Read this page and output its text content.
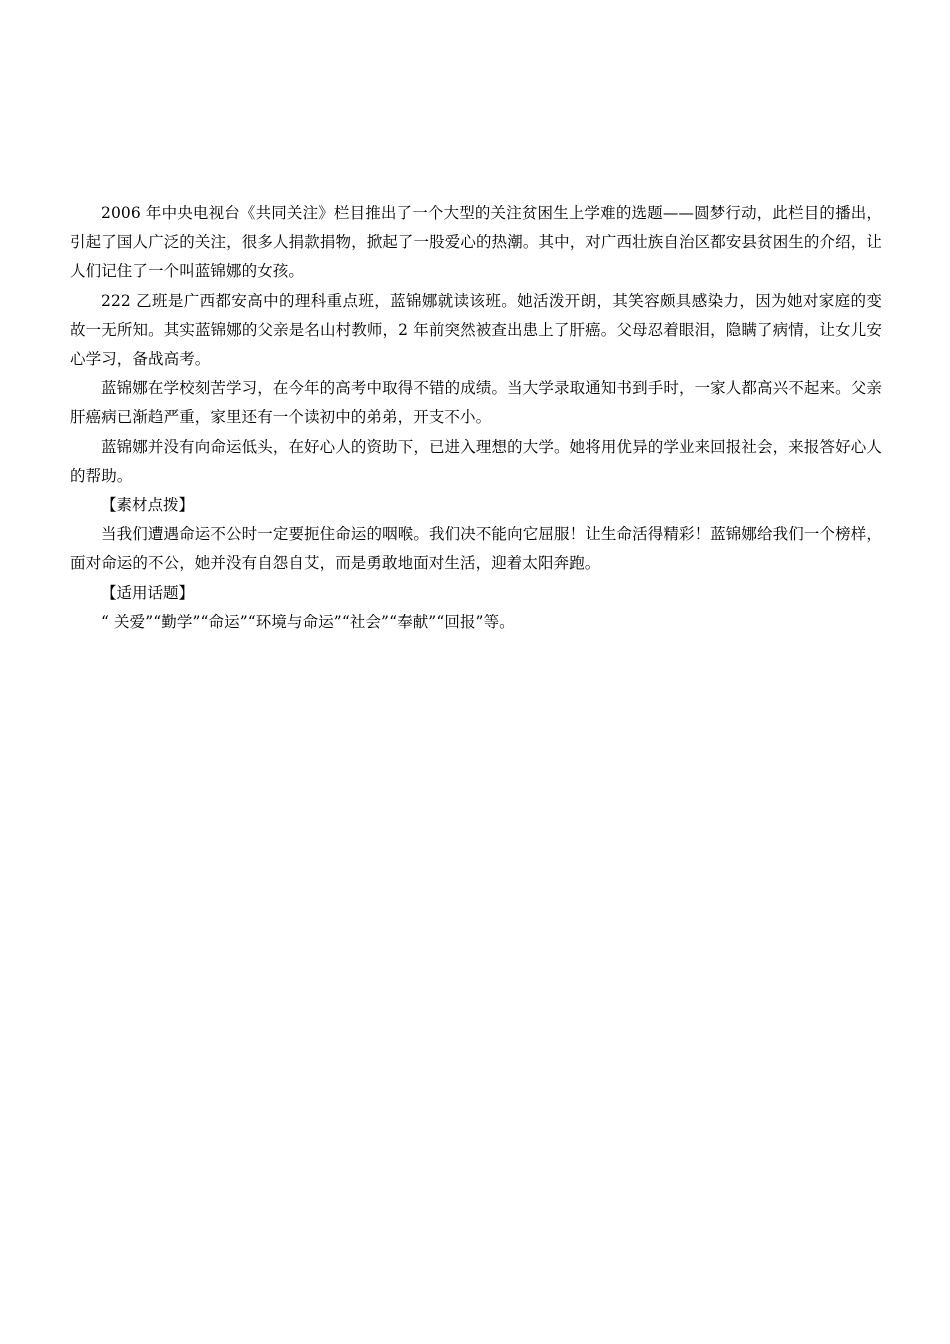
2006 年中央电视台《共同关注》栏目推出了一个大型的关注贫困生上学难的选题——圆梦行动，此栏目的播出，引起了国人广泛的关注，很多人捐款捐物，掀起了一股爱心的热潮。其中，对广西壮族自治区都安县贫困生的介绍，让人们记住了一个叫蓝锦娜的女孩。

222 乙班是广西都安高中的理科重点班，蓝锦娜就读该班。她活泼开朗，其笑容颇具感染力，因为她对家庭的变故一无所知。其实蓝锦娜的父亲是名山村教师，2 年前突然被查出患上了肝癌。父母忍着眼泪，隐瞒了病情，让女儿安心学习，备战高考。

蓝锦娜在学校刻苦学习，在今年的高考中取得不错的成绩。当大学录取通知书到手时，一家人都高兴不起来。父亲肝癌病已渐趋严重，家里还有一个读初中的弟弟，开支不小。

蓝锦娜并没有向命运低头，在好心人的资助下，已进入理想的大学。她将用优异的学业来回报社会，来报答好心人的帮助。

【素材点拨】

当我们遭遇命运不公时一定要扼住命运的咽喉。我们决不能向它屈服！让生命活得精彩！蓝锦娜给我们一个榜样，面对命运的不公，她并没有自怨自艾，而是勇敢地面对生活，迎着太阳奔跑。

【适用话题】

“ 关爱”“勤学”“命运”“环境与命运”“社会”“奉献”“回报”等。
